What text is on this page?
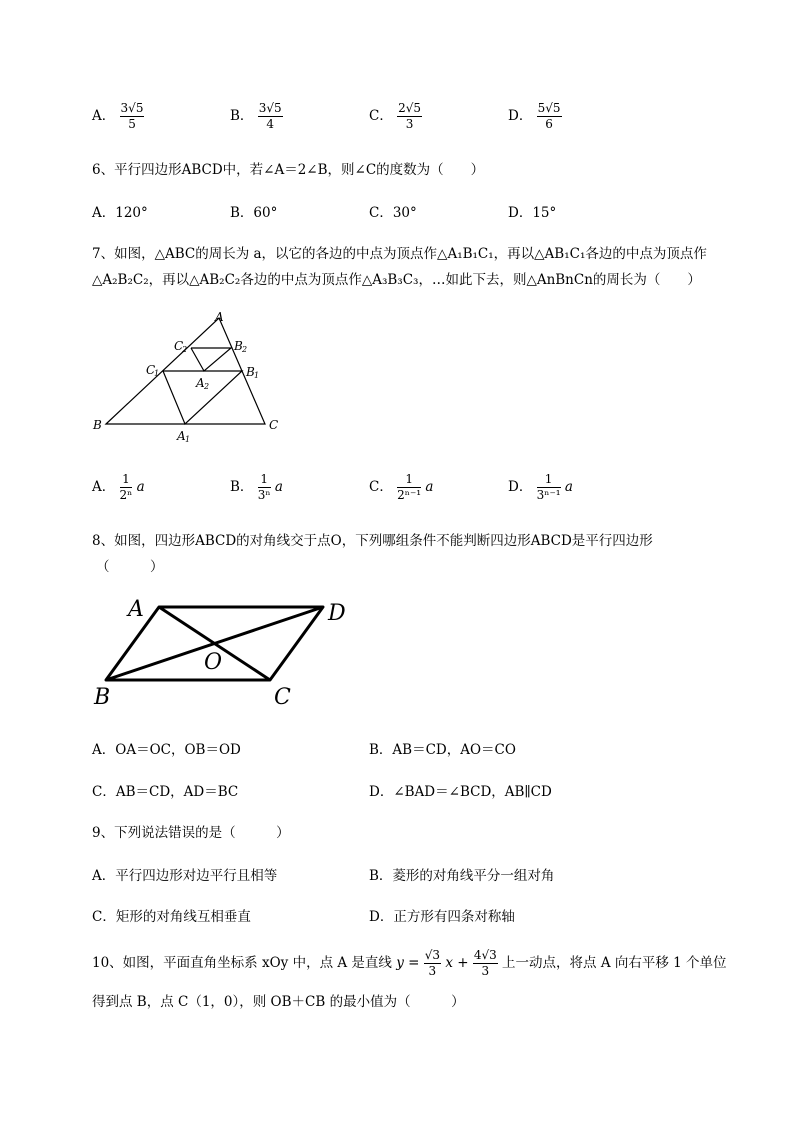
A． $\frac{3√5}{5}$	B． $\frac{3√5}{4}$	C． $\frac{2√5}{3}$	D． $\frac{5√5}{6}$
6、平行四边形ABCD中，若∠A＝2∠B，则∠C的度数为（　　）
A．120°	B．60°	C．30°	D．15°
7、如图，△ABC的周长为 a，以它的各边的中点为顶点作△A₁B₁C₁，再以△AB₁C₁各边的中点为顶点作
△A₂B₂C₂，再以△AB₂C₂各边的中点为顶点作△A₃B₃C₃，…如此下去，则△AnBnCn的周长为（　　）
B
A
C
A 1
B 1
C
1
A 2
B 2
C
2
A． $\frac{1}{\text{2ⁿ}}$ a	B． $\frac{1}{\text{3ⁿ}}$ a	C． $\frac{1}{\text{2ⁿ⁻¹}}$ a	D． $\frac{1}{\text{3ⁿ⁻¹}}$ a
8、如图，四边形ABCD的对角线交于点O，下列哪组条件不能判断四边形ABCD是平行四边形
（　　　）
A	D
B	C
O
A．OA＝OC，OB＝OD	B．AB＝CD，AO＝CO
C．AB＝CD，AD＝BC	D．∠BAD＝∠BCD，AB∥CD
9、下列说法错误的是（　　　）
A．平行四边形对边平行且相等	B．菱形的对角线平分一组对角
C．矩形的对角线互相垂直	D．正方形有四条对称轴
10、如图，平面直角坐标系 xOy 中，点 A 是直线 $y = \frac{√3}{3}$ $x + \frac{4√3}{3}$ 上一动点，将点 A 向右平移 1 个单位
得到点 B，点 C（1，0），则 OB＋CB 的最小值为（　　　）
